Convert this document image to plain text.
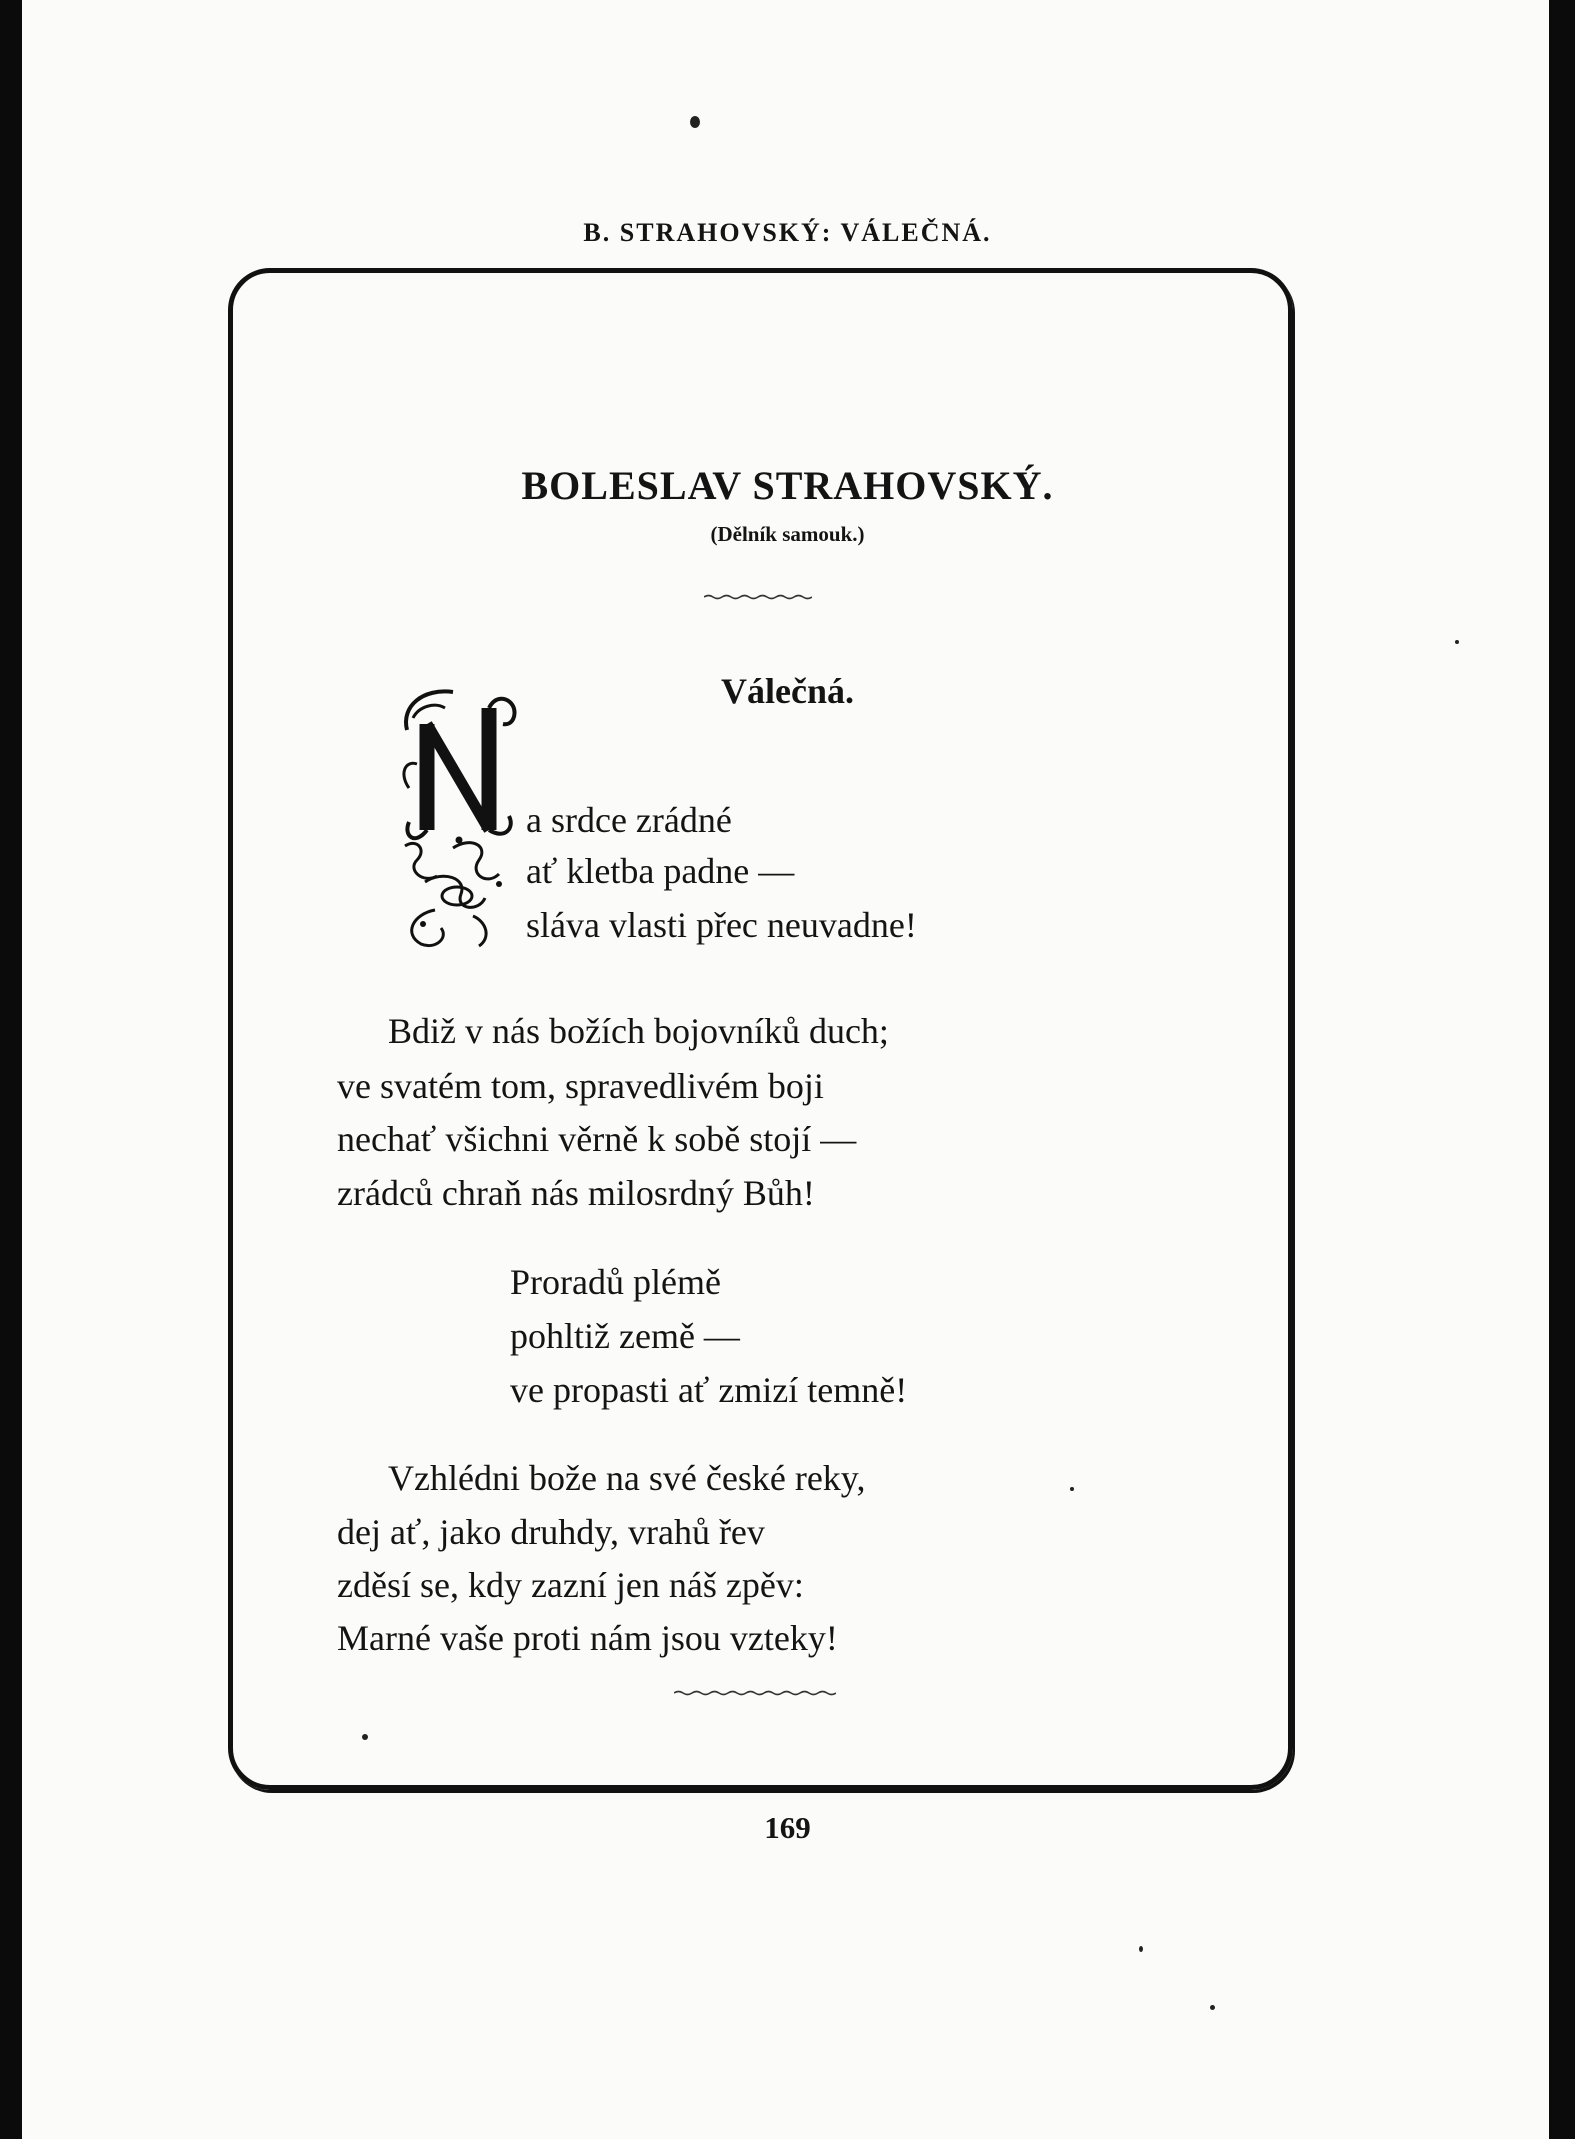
B. STRAHOVSKÝ: VÁLEČNÁ.
BOLESLAV STRAHOVSKÝ.
(Dělník samouk.)
Válečná.
a srdce zrádné
ať kletba padne —
sláva vlasti přec neuvadne!
Bdiž v nás božích bojovníků duch;
ve svatém tom, spravedlivém boji
nechať všichni věrně k sobě stojí —
zrádců chraň nás milosrdný Bůh!
Proradů plémě
pohltiž země —
ve propasti ať zmizí temně!
Vzhlédni bože na své české reky,
dej ať, jako druhdy, vrahů řev
zděsí se, kdy zazní jen náš zpěv:
Marné vaše proti nám jsou vzteky!
169
